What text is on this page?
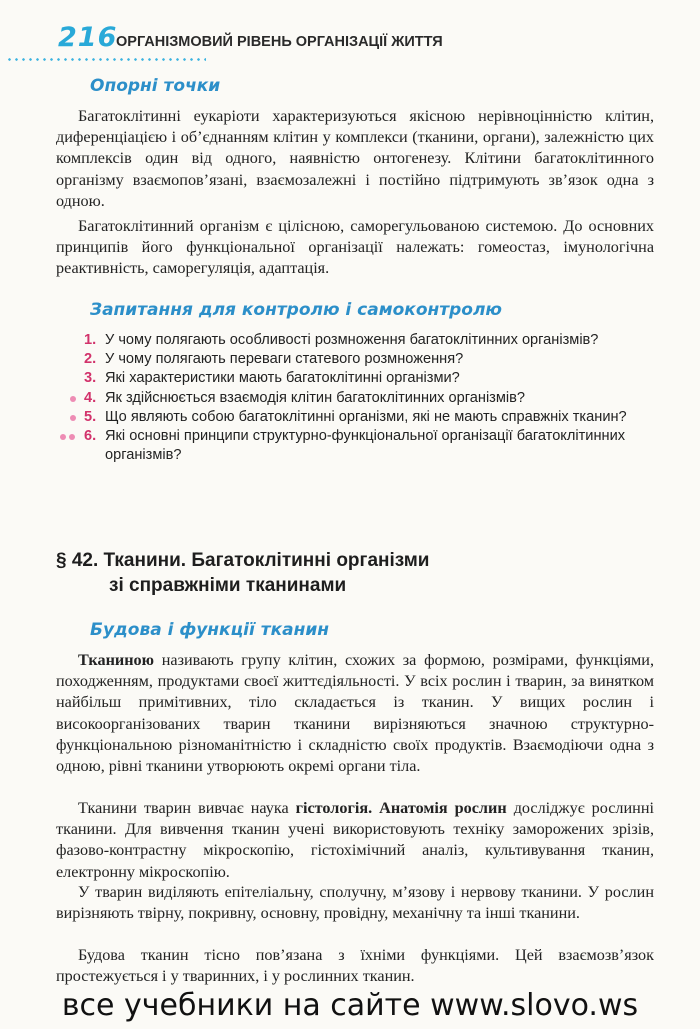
216
ОРГАНІЗМОВИЙ РІВЕНЬ ОРГАНІЗАЦІЇ ЖИТТЯ
Опорні точки

Багатоклітинні еукаріоти характеризуються якісною нерівноцінністю клітин, диференціацією і об’єднанням клітин у комплекси (тканини, органи), залежністю цих комплексів один від одного, наявністю онтогенезу. Клітини багатоклітинного організму взаємопов’язані, взаємозалежні і постійно підтримують зв’язок одна з одною.

Багатоклітинний організм є цілісною, саморегульованою системою. До основних принципів його функціональної організації належать: гомеостаз, імунологічна реактивність, саморегуляція, адаптація.

Запитання для контролю і самоконтролю
1. У чому полягають особливості розмноження багатоклітинних організмів?
2. У чому полягають переваги статевого розмноження?
3. Які характеристики мають багатоклітинні організми?
4. Як здійснюється взаємодія клітин багатоклітинних організмів?
5. Що являють собою багатоклітинні організми, які не мають справжніх тканин?
6. Які основні принципи структурно-функціональної організації багатоклітинних організмів?
§ 42. Тканини. Багатоклітинні організми
зі справжніми тканинами
Будова і функції тканин

Тканиною називають групу клітин, схожих за формою, розмірами, функціями, походженням, продуктами своєї життєдіяльності. У всіх рослин і тварин, за винятком найбільш примітивних, тіло складається із тканин. У вищих рослин і високоорганізованих тварин тканини вирізняються значною структурно-функціональною різноманітністю і складністю своїх продуктів. Взаємодіючи одна з одною, рівні тканини утворюють окремі органи тіла.

Тканини тварин вивчає наука гістологія. Анатомія рослин досліджує рослинні тканини. Для вивчення тканин учені використовують техніку заморожених зрізів, фазово-контрастну мікроскопію, гістохімічний аналіз, культивування тканин, електронну мікроскопію.

У тварин виділяють епітеліальну, сполучну, м’язову і нервову тканини. У рослин вирізняють твірну, покривну, основну, провідну, механічну та інші тканини.

Будова тканин тісно пов’язана з їхніми функціями. Цей взаємозв’язок простежується і у тваринних, і у рослинних тканин.

все учебники на сайте www.slovo.ws
